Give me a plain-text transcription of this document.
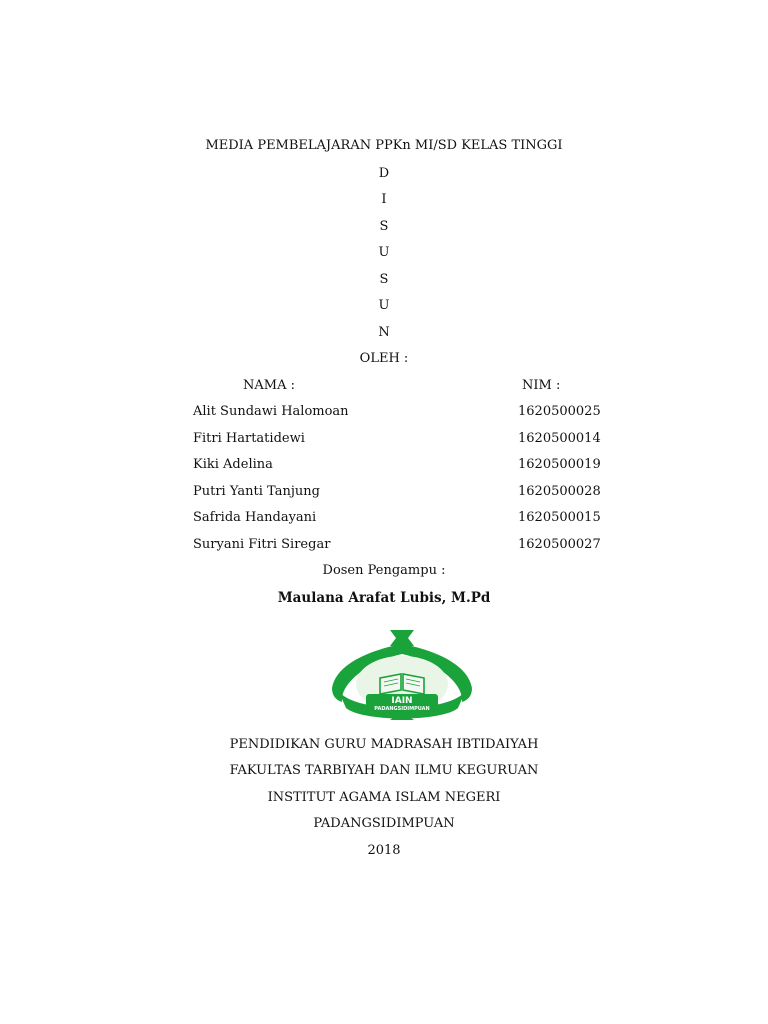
MEDIA PEMBELAJARAN PPKn MI/SD KELAS TINGGI
D
I
S
U
S
U
N
OLEH :
NAMA :	NIM :
Alit Sundawi Halomoan	1620500025
Fitri Hartatidewi	1620500014
Kiki Adelina	1620500019
Putri Yanti Tanjung	1620500028
Safrida Handayani	1620500015
Suryani Fitri Siregar	1620500027
Dosen Pengampu :
Maulana Arafat Lubis, M.Pd
IAIN
PADANGSIDIMPUAN
PENDIDIKAN GURU MADRASAH IBTIDAIYAH
FAKULTAS TARBIYAH DAN ILMU KEGURUAN
INSTITUT AGAMA ISLAM NEGERI
PADANGSIDIMPUAN
2018
